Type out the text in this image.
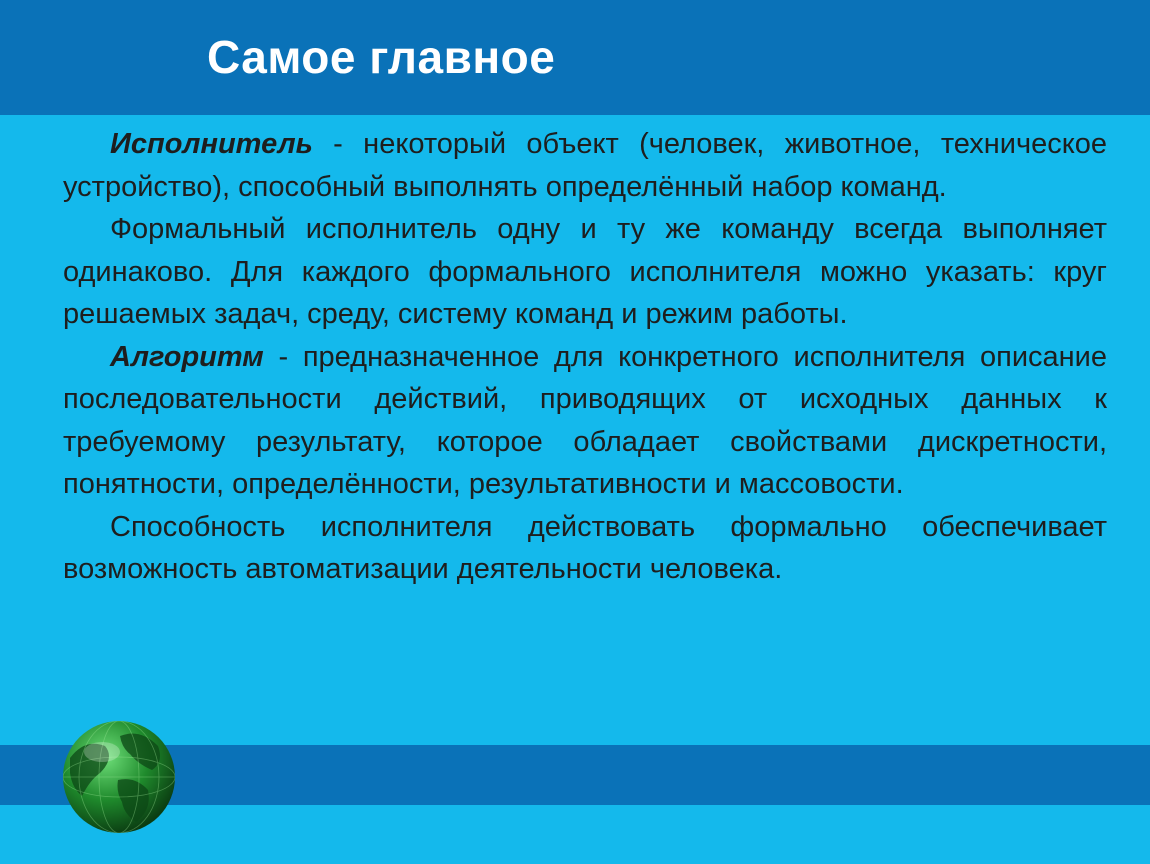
Самое главное

Исполнитель - некоторый объект (человек, животное, техническое устройство), способный выполнять определённый набор команд.

Формальный исполнитель одну и ту же команду всегда выполняет одинаково. Для каждого формального исполнителя можно указать: круг решаемых задач, среду, систему команд и режим работы.

Алгоритм - предназначенное для конкретного исполнителя описание последовательности действий, приводящих от исходных данных к требуемому результату, которое обладает свойствами дискретности, понятности, определённости, результативности и массовости.

Способность исполнителя действовать формально обеспечивает возможность автоматизации деятельности человека.
